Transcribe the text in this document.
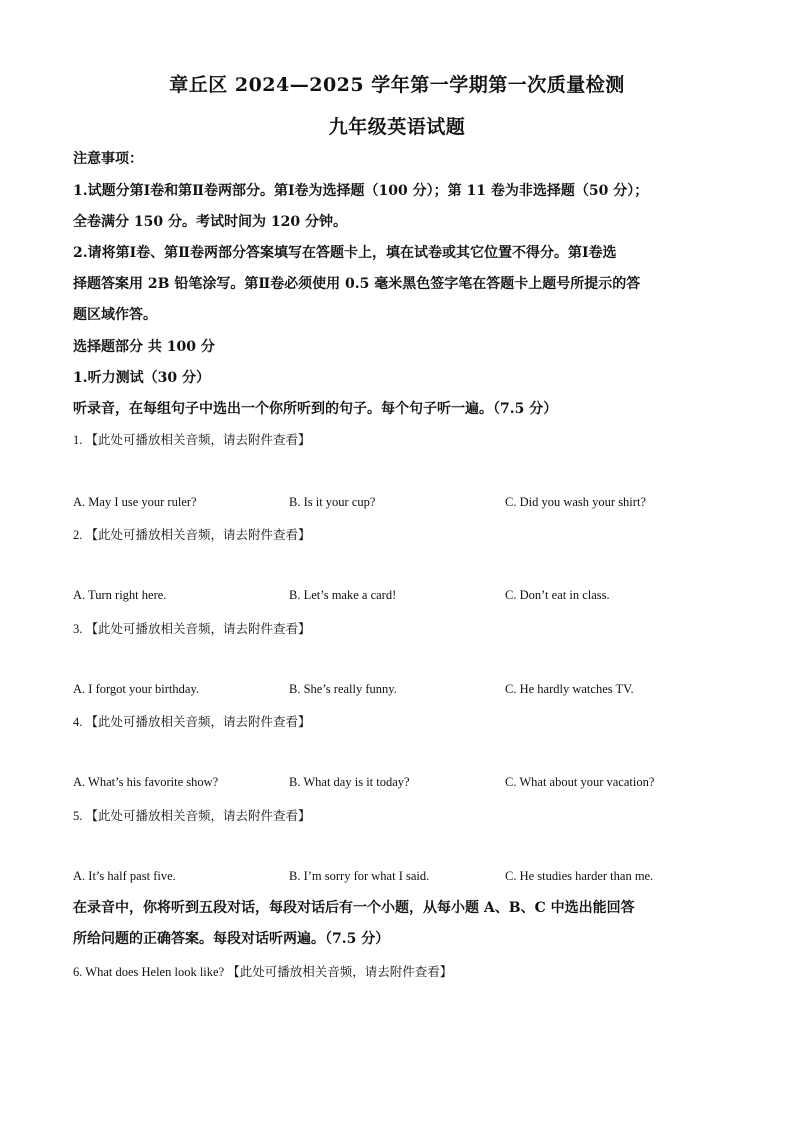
章丘区 2024—2025 学年第一学期第一次质量检测
九年级英语试题
注意事项：
1.试题分第Ⅰ卷和第Ⅱ卷两部分。第Ⅰ卷为选择题（100 分）；第 11 卷为非选择题（50 分）；
全卷满分 150 分。考试时间为 120 分钟。
2.请将第Ⅰ卷、第Ⅱ卷两部分答案填写在答题卡上，填在试卷或其它位置不得分。第Ⅰ卷选
择题答案用 2B 铅笔涂写。第Ⅱ卷必须使用 0.5 毫米黑色签字笔在答题卡上题号所提示的答
题区域作答。
选择题部分 共 100 分
1.听力测试（30 分）
听录音，在每组句子中选出一个你所听到的句子。每个句子听一遍。（7.5 分）
1. 【此处可播放相关音频，请去附件查看】
A. May I use your ruler?	B. Is it your cup?	C. Did you wash your shirt?
2. 【此处可播放相关音频，请去附件查看】
A. Turn right here.	B. Let’s make a card!	C. Don’t eat in class.
3. 【此处可播放相关音频，请去附件查看】
A. I forgot your birthday.	B. She’s really funny.	C. He hardly watches TV.
4. 【此处可播放相关音频，请去附件查看】
A. What’s his favorite show?	B. What day is it today?	C. What about your vacation?
5. 【此处可播放相关音频，请去附件查看】
A. It’s half past five.	B. I’m sorry for what I said.	C. He studies harder than me.
在录音中，你将听到五段对话，每段对话后有一个小题，从每小题 A、B、C 中选出能回答
所给问题的正确答案。每段对话听两遍。（7.5 分）
6. What does Helen look like? 【此处可播放相关音频，请去附件查看】
